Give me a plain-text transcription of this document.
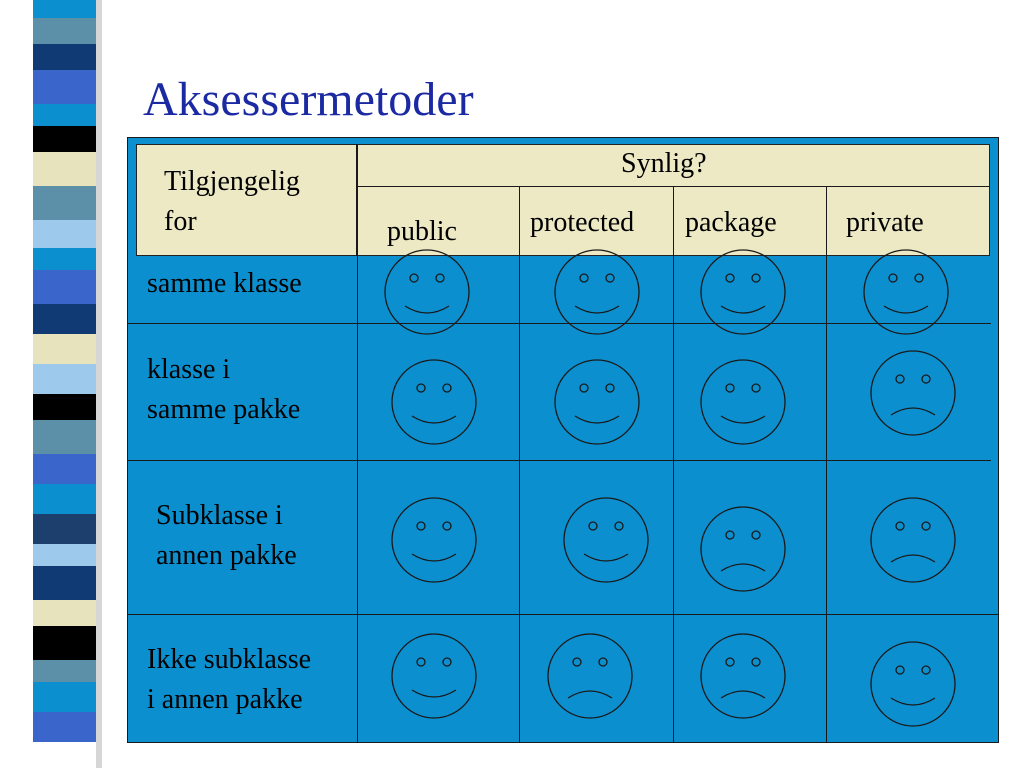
Aksessermetoder
Tilgjengelig
for
Synlig?
public	protected package private
samme klasse
klasse i
samme pakke
Subklasse i
annen pakke
Ikke subklasse
i annen pakke
